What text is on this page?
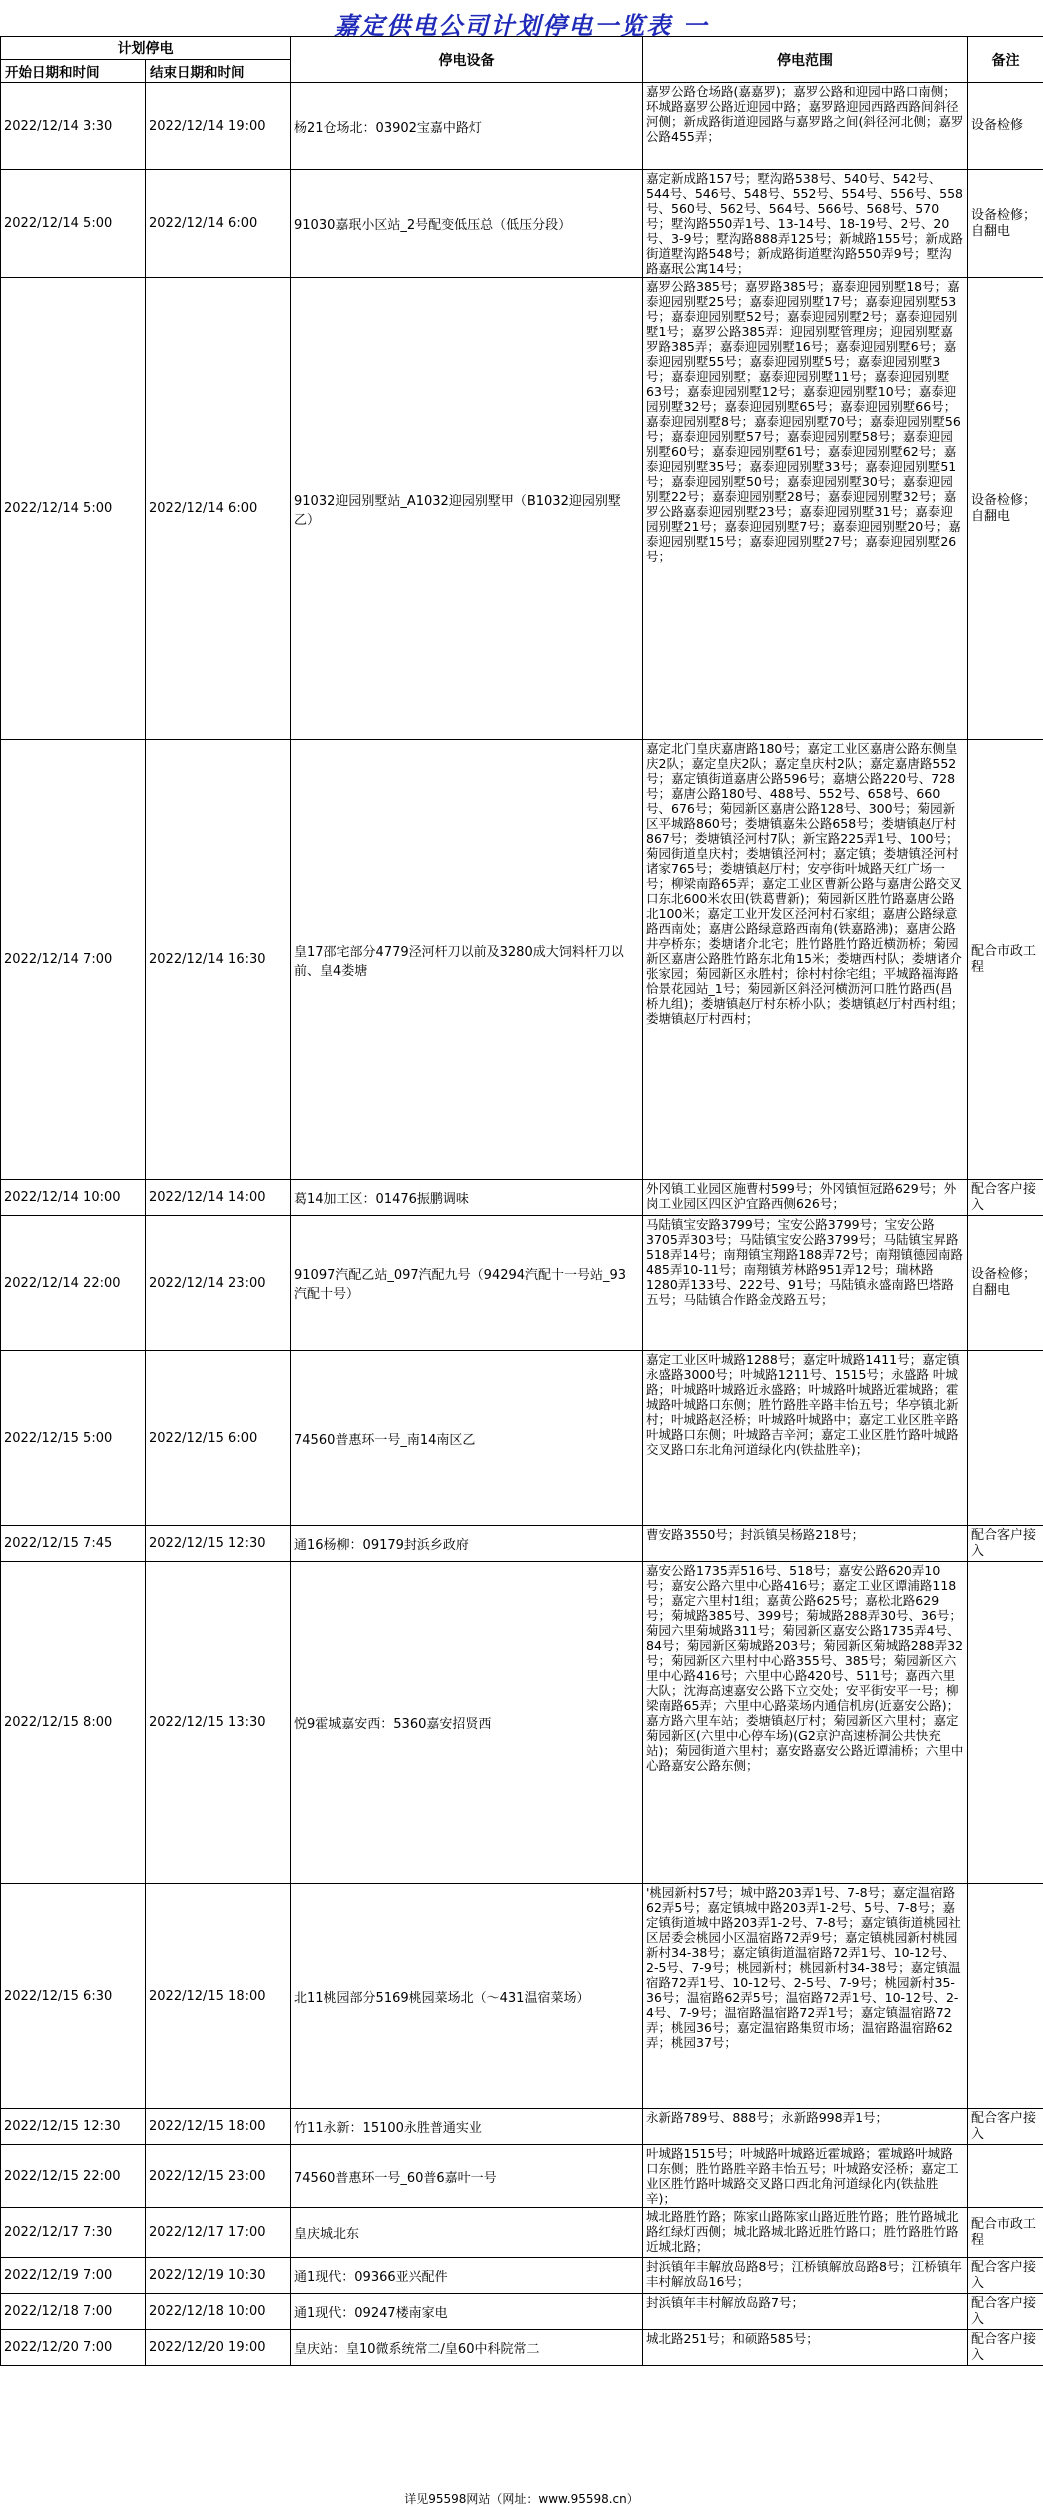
嘉定供电公司计划停电一览表 一
计划停电		停电设备	停电范围	备注
开始日期和时间	结束日期和时间			
2022/12/14 3:30	2022/12/14 19:00	杨21仓场北：03902宝嘉中路灯	嘉罗公路仓场路(嘉嘉罗)；嘉罗公路和迎园中路口南侧；环城路嘉罗公路近迎园中路；嘉罗路迎园西路西路间斜径河侧；新成路街道迎园路与嘉罗路之间(斜径河北侧；嘉罗公路455弄；	设备检修
2022/12/14 5:00	2022/12/14 6:00	91030嘉珉小区站_2号配变低压总（低压分段）	嘉定新成路157号；墅沟路538号、540号、542号、544号、546号、548号、552号、554号、556号、558号、560号、562号、564号、566号、568号、570号；墅沟路550弄1号、13-14号、18-19号、2号、20号、3-9号；墅沟路888弄125号；新城路155号；新成路街道墅沟路548号；新成路街道墅沟路550弄9号；墅沟路嘉珉公寓14号；	设备检修；自翻电
2022/12/14 5:00	2022/12/14 6:00	91032迎园别墅站_A1032迎园别墅甲（B1032迎园别墅乙）	嘉罗公路385号；嘉罗路385号；嘉泰迎园别墅18号；嘉泰迎园别墅25号；嘉泰迎园别墅17号；嘉泰迎园别墅53号；嘉泰迎园别墅52号；嘉泰迎园别墅2号；嘉泰迎园别墅1号；嘉罗公路385弄：迎园别墅管理房；迎园别墅嘉罗路385弄；嘉泰迎园别墅16号；嘉泰迎园别墅6号；嘉泰迎园别墅55号；嘉泰迎园别墅5号；嘉泰迎园别墅3号；嘉泰迎园别墅；嘉泰迎园别墅11号；嘉泰迎园别墅63号；嘉泰迎园别墅12号；嘉泰迎园别墅10号；嘉泰迎园别墅32号；嘉泰迎园别墅65号；嘉泰迎园别墅66号；嘉泰迎园别墅8号；嘉泰迎园别墅70号；嘉泰迎园别墅56号；嘉泰迎园别墅57号；嘉泰迎园别墅58号；嘉泰迎园别墅60号；嘉泰迎园别墅61号；嘉泰迎园别墅62号；嘉泰迎园别墅35号；嘉泰迎园别墅33号；嘉泰迎园别墅51号；嘉泰迎园别墅50号；嘉泰迎园别墅30号；嘉泰迎园别墅22号；嘉泰迎园别墅28号；嘉泰迎园别墅32号；嘉罗公路嘉泰迎园别墅23号；嘉泰迎园别墅31号；嘉泰迎园别墅21号；嘉泰迎园别墅7号；嘉泰迎园别墅20号；嘉泰迎园别墅15号；嘉泰迎园别墅27号；嘉泰迎园别墅26号；	设备检修；自翻电
2022/12/14 7:00	2022/12/14 16:30	皇17邵宅部分4779泾河杆刀以前及3280成大饲料杆刀以前、皇4娄塘	嘉定北门皇庆嘉唐路180号；嘉定工业区嘉唐公路东侧皇庆2队；嘉定皇庆2队；嘉定皇庆村2队；嘉定嘉唐路552号；嘉定镇街道嘉唐公路596号；嘉塘公路220号、728号；嘉唐公路180号、488号、552号、658号、660号、676号；菊园新区嘉唐公路128号、300号；菊园新区平城路860号；娄塘镇嘉朱公路658号；娄塘镇赵厅村867号；娄塘镇泾河村7队；新宝路225弄1号、100号；菊园街道皇庆村；娄塘镇泾河村；嘉定镇；娄塘镇泾河村诸家765号；娄塘镇赵厅村；安亭街叶城路天红广场一号；柳梁南路65弄；嘉定工业区曹新公路与嘉唐公路交叉口东北600米农田(铁葛曹新)；菊园新区胜竹路嘉唐公路北100米；嘉定工业开发区泾河村石家组；嘉唐公路绿意路西南处；嘉唐公路绿意路西南角(铁嘉路沸)；嘉唐公路井亭桥东；娄塘诸介北宅；胜竹路胜竹路近横沥桥；菊园新区嘉唐公路胜竹路东北角15米；娄塘西村队；娄塘诸介张家园；菊园新区永胜村；徐村村徐宅组；平城路福海路恰景花园站_1号；菊园新区斜泾河横沥河口胜竹路西(昌桥九组)；娄塘镇赵厅村东桥小队；娄塘镇赵厅村西村组；娄塘镇赵厅村西村；	配合市政工程
2022/12/14 10:00	2022/12/14 14:00	葛14加工区：01476振鹏调味	外冈镇工业园区施曹村599号；外冈镇恒冠路629号；外岗工业园区四区沪宜路西侧626号；	配合客户接入
2022/12/14 22:00	2022/12/14 23:00	91097汽配乙站_097汽配九号（94294汽配十一号站_93汽配十号）	马陆镇宝安路3799号；宝安公路3799号；宝安公路3705弄303号；马陆镇宝安公路3799号；马陆镇宝昇路518弄14号；南翔镇宝翔路188弄72号；南翔镇德园南路485弄10-11号；南翔镇芳林路951弄12号；瑞林路1280弄133号、222号、91号；马陆镇永盛南路巴塔路五号；马陆镇合作路金茂路五号；	设备检修；自翻电
2022/12/15 5:00	2022/12/15 6:00	74560普惠环一号_南14南区乙	嘉定工业区叶城路1288号；嘉定叶城路1411号；嘉定镇永盛路3000号；叶城路1211号、1515号；永盛路 叶城路；叶城路叶城路近永盛路；叶城路叶城路近霍城路；霍城路叶城路口东侧；胜竹路胜辛路丰怡五号；华亭镇北新村；叶城路赵泾桥；叶城路叶城路中；嘉定工业区胜辛路叶城路口东侧；叶城路吉辛河；嘉定工业区胜竹路叶城路交叉路口东北角河道绿化内(铁盐胜辛)；	
2022/12/15 7:45	2022/12/15 12:30	通16杨柳：09179封浜乡政府	曹安路3550号；封浜镇吴杨路218号；	配合客户接入
2022/12/15 8:00	2022/12/15 13:30	悦9霍城嘉安西：5360嘉安招贤西	嘉安公路1735弄516号、518号；嘉安公路620弄10号；嘉安公路六里中心路416号；嘉定工业区谭浦路118号；嘉定六里村1组；嘉黄公路625号；嘉松北路629号；菊城路385号、399号；菊城路288弄30号、36号；菊园六里菊城路311号；菊园新区嘉安公路1735弄4号、84号；菊园新区菊城路203号；菊园新区菊城路288弄32号；菊园新区六里村中心路355号、385号；菊园新区六里中心路416号；六里中心路420号、511号；嘉西六里大队；沈海高速嘉安公路下立交处；安平街安平一号；柳梁南路65弄；六里中心路菜场内通信机房(近嘉安公路)；嘉方路六里车站；娄塘镇赵厅村；菊园新区六里村；嘉定菊园新区(六里中心停车场)(G2京沪高速桥洞公共快充站)；菊园街道六里村；嘉安路嘉安公路近谭浦桥；六里中心路嘉安公路东侧；	
2022/12/15 6:30	2022/12/15 18:00	北11桃园部分5169桃园菜场北（～431温宿菜场）	'桃园新村57号；城中路203弄1号、7-8号；嘉定温宿路62弄5号；嘉定镇城中路203弄1-2号、5号、7-8号；嘉定镇街道城中路203弄1-2号、7-8号；嘉定镇街道桃园社区居委会桃园小区温宿路72弄9号；嘉定镇桃园新村桃园新村34-38号；嘉定镇街道温宿路72弄1号、10-12号、2-5号、7-9号；桃园新村；桃园新村34-38号；嘉定镇温宿路72弄1号、10-12号、2-5号、7-9号；桃园新村35-36号；温宿路62弄5号；温宿路72弄1号、10-12号、2-4号、7-9号；温宿路温宿路72弄1号；嘉定镇温宿路72弄；桃园36号；嘉定温宿路集贸市场；温宿路温宿路62弄；桃园37号；	
2022/12/15 12:30	2022/12/15 18:00	竹11永新：15100永胜普通实业	永新路789号、888号；永新路998弄1号；	配合客户接入
2022/12/15 22:00	2022/12/15 23:00	74560普惠环一号_60普6嘉叶一号	叶城路1515号；叶城路叶城路近霍城路；霍城路叶城路口东侧；胜竹路胜辛路丰怡五号；叶城路安泾桥；嘉定工业区胜竹路叶城路交叉路口西北角河道绿化内(铁盐胜辛)；	
2022/12/17 7:30	2022/12/17 17:00	皇庆城北东	城北路胜竹路；陈家山路陈家山路近胜竹路；胜竹路城北路红绿灯西侧；城北路城北路近胜竹路口；胜竹路胜竹路近城北路；	配合市政工程
2022/12/19 7:00	2022/12/19 10:30	通1现代：09366亚兴配件	封浜镇年丰解放岛路8号；江桥镇解放岛路8号；江桥镇年丰村解放岛16号；	配合客户接入
2022/12/18 7:00	2022/12/18 10:00	通1现代：09247楼南家电	封浜镇年丰村解放岛路7号；	配合客户接入
2022/12/20 7:00	2022/12/20 19:00	皇庆站：皇10微系统常二/皇60中科院常二	城北路251号；和硕路585号；	配合客户接入
详见95598网站（网址：www.95598.cn）
